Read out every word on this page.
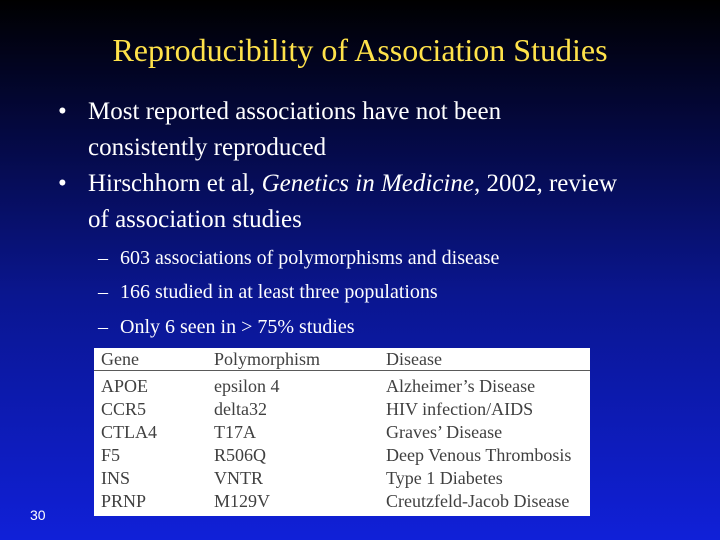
Reproducibility of Association Studies
• Most reported associations have not been consistently reproduced
• Hirschhorn et al, Genetics in Medicine, 2002, review of association studies
– 603 associations of polymorphisms and disease
– 166 studied in at least three populations
– Only 6 seen in > 75% studies
Gene	Polymorphism	Disease
APOE	epsilon 4	Alzheimer’s Disease
CCR5	delta32	HIV infection/AIDS
CTLA4	T17A	Graves’ Disease
F5	R506Q	Deep Venous Thrombosis
INS	VNTR	Type 1 Diabetes
PRNP	M129V	Creutzfeld-Jacob Disease
30
